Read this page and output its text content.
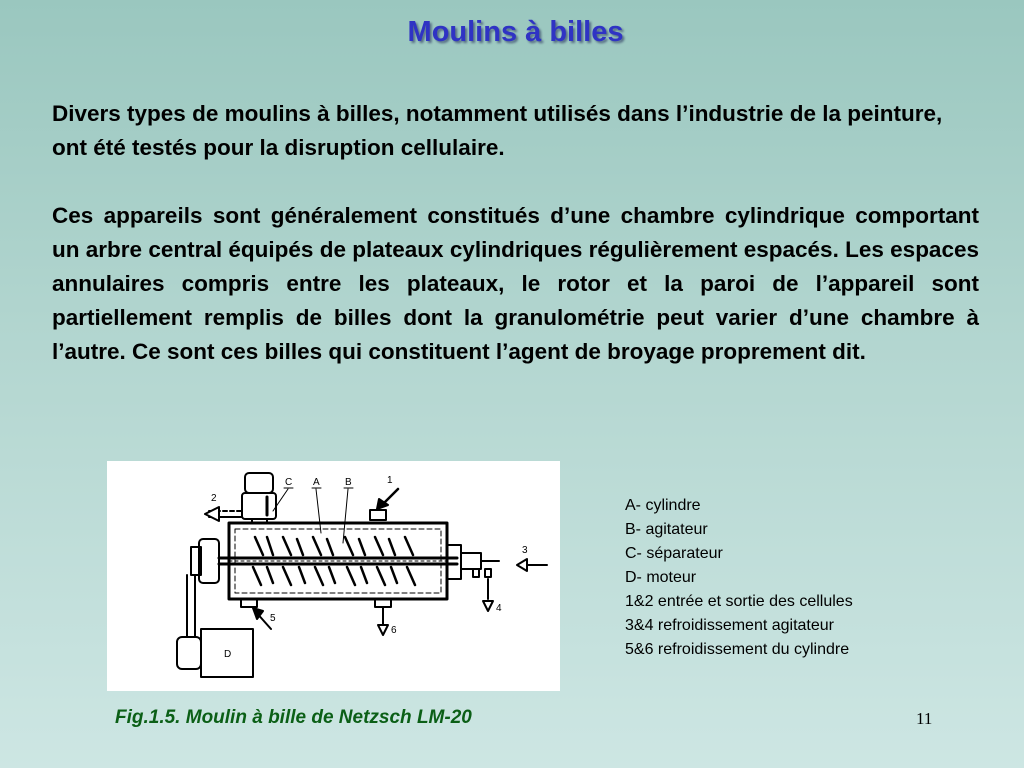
Moulins à billes

Divers types de moulins à billes, notamment utilisés dans l’industrie de la peinture, ont été testés pour la disruption cellulaire.

Ces appareils sont généralement constitués d’une chambre cylindrique comportant un arbre central équipés de plateaux cylindriques régulièrement espacés. Les espaces annulaires compris entre les plateaux, le rotor et la paroi de l’appareil sont partiellement remplis de billes dont la granulométrie peut varier d’une chambre à l’autre. Ce sont ces billes qui constituent l’agent de broyage proprement dit.

C A	B	1
2
3
4
5
6
D
A- cylindre
B- agitateur
C- séparateur
D- moteur
1&2 entrée et sortie des cellules
3&4 refroidissement agitateur
5&6 refroidissement du cylindre
Fig.1.5. Moulin à bille de Netzsch LM-20	11
